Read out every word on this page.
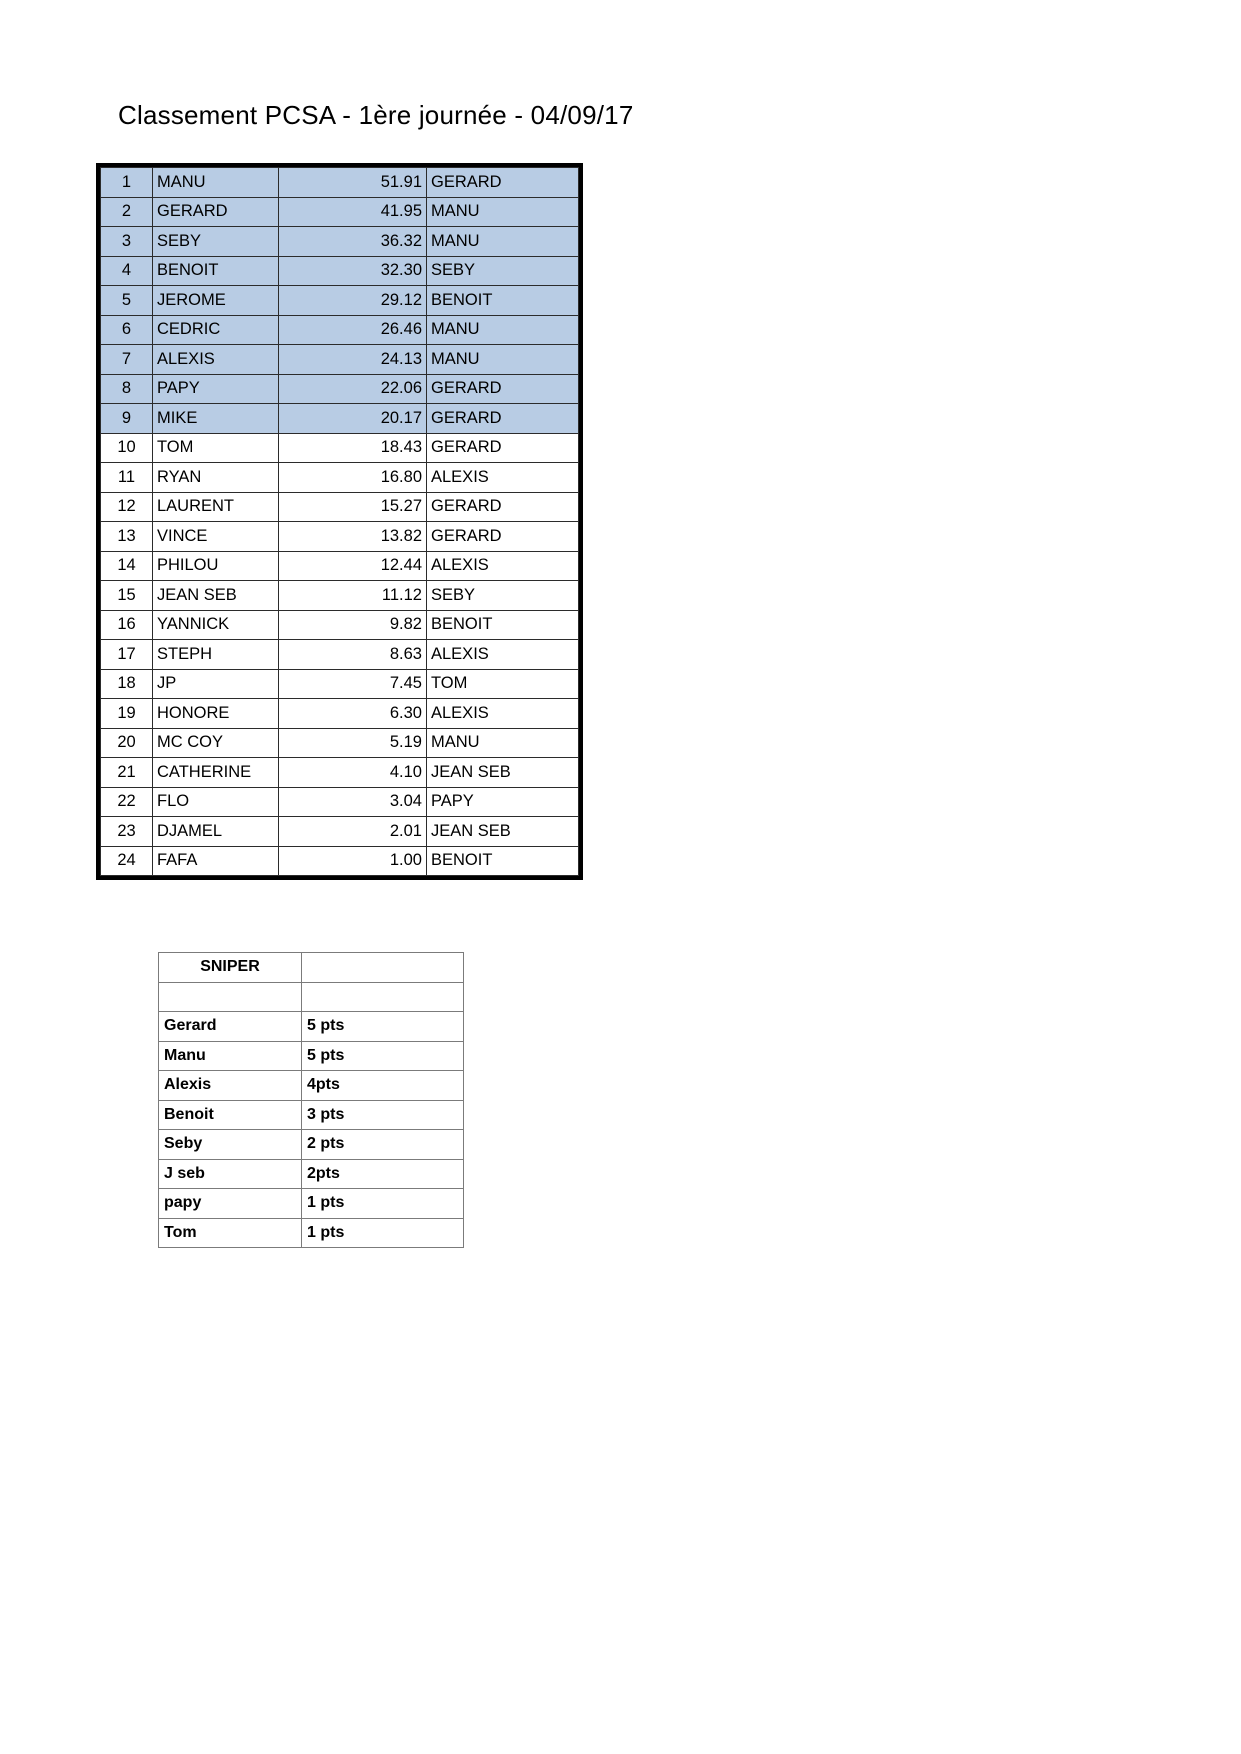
Classement PCSA - 1ère journée - 04/09/17
1	MANU	51.91	GERARD
2	GERARD	41.95	MANU
3	SEBY	36.32	MANU
4	BENOIT	32.30	SEBY
5	JEROME	29.12	BENOIT
6	CEDRIC	26.46	MANU
7	ALEXIS	24.13	MANU
8	PAPY	22.06	GERARD
9	MIKE	20.17	GERARD
10	TOM	18.43	GERARD
11	RYAN	16.80	ALEXIS
12	LAURENT	15.27	GERARD
13	VINCE	13.82	GERARD
14	PHILOU	12.44	ALEXIS
15	JEAN SEB	11.12	SEBY
16	YANNICK	9.82	BENOIT
17	STEPH	8.63	ALEXIS
18	JP	7.45	TOM
19	HONORE	6.30	ALEXIS
20	MC COY	5.19	MANU
21	CATHERINE	4.10	JEAN SEB
22	FLO	3.04	PAPY
23	DJAMEL	2.01	JEAN SEB
24	FAFA	1.00	BENOIT
SNIPER	

Gerard	5 pts
Manu	5 pts
Alexis	4pts
Benoit	3 pts
Seby	2 pts
J seb	2pts
papy	1 pts
Tom	1 pts
